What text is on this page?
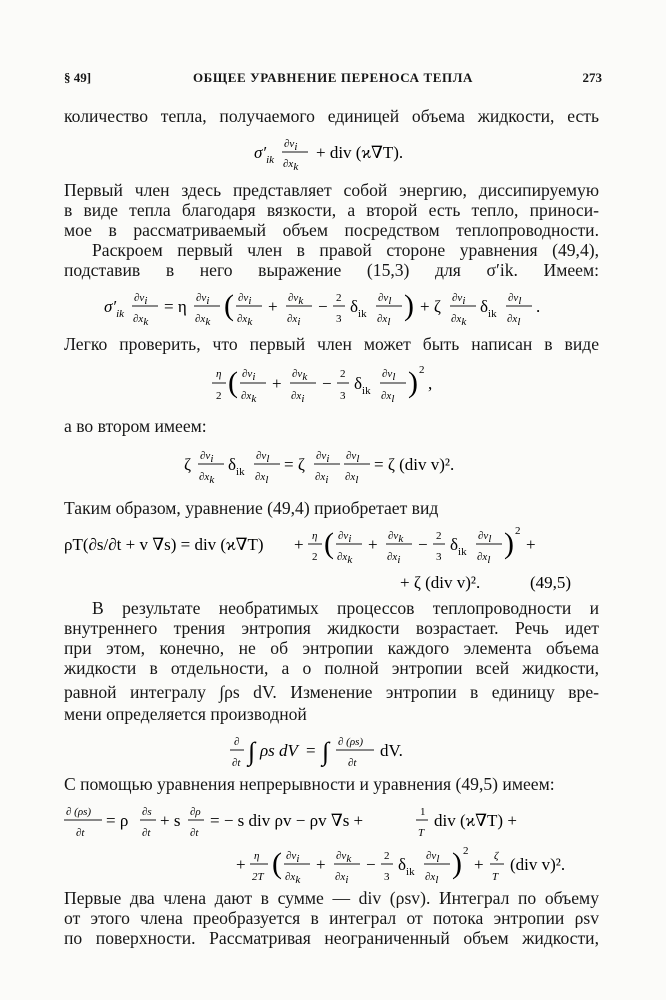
§ 49]	ОБЩЕЕ УРАВНЕНИЕ ПЕРЕНОСА ТЕПЛА	273
количество тепла, получаемого единицей объема жидкости, есть
$\sigma'_{ik}$
∂vi
∂xk
+ div (ϰ∇T).
Первый член здесь представляет собой энергию, диссипируемую
в виде тепла благодаря вязкости, а второй есть тепло, приноси-
мое в рассматриваемый объем посредством теплопроводности.
Раскроем первый член в правой стороне уравнения (49,4),
подставив в него выражение (15,3) для σ′ik. Имеем:
$\sigma'_{ik}$
∂vi
∂xk
= η ∂vi
∂xk ( ∂vi
∂xk
+ ∂vk
∂xi
− 2
3
$\delta_{ik}$
∂vl
∂xl ) + ζ ∂vi
∂xk
$\delta_{ik}$
∂vl
∂xl
.
Легко проверить, что первый член может быть написан в виде
η
2 ( ∂vi
∂xk
+ ∂vk
∂xi
− 2
3
$\delta_{ik}$
∂vl
∂xl ) 2
,
а во втором имеем:
ζ ∂vi
∂xk
$\delta_{ik}$
∂vl
∂xl
= ζ ∂vi
∂xi
∂vl
∂xl
= ζ (div v)².
Таким образом, уравнение (49,4) приобретает вид
ρT(∂s/∂t + v ∇s) = div (ϰ∇T) + η
2 ( ∂vi
∂xk
+ ∂vk
∂xi
− 2
3
$\delta_{ik}$
∂vl
∂xl ) 2
+
+ ζ (div v)².	(49,5)
В результате необратимых процессов теплопроводности и
внутреннего трения энтропия жидкости возрастает. Речь идет
при этом, конечно, не об энтропии каждого элемента объема
жидкости в отдельности, а о полной энтропии всей жидкости,
равной интегралу ∫ρs dV. Изменение энтропии в единицу вре-
мени определяется производной
∂
∂t ∫ ρs dV = ∫ ∂ (ρs)
∂t
dV.
С помощью уравнения непрерывности и уравнения (49,5) имеем:
∂ (ρs)
∂t
= ρ ∂s
∂t
+ s ∂ρ
∂t
= − s div ρv − ρv ∇s +	1
T
div (ϰ∇T) +
+ η
2T ( ∂vi
∂xk
+ ∂vk
∂xi
− 2
3
$\delta_{ik}$
∂vl
∂xl ) 2
+ ζ
T
(div v)².
Первые два члена дают в сумме — div (ρsv). Интеграл по объему
от этого члена преобразуется в интеграл от потока энтропии ρsv
по поверхности. Рассматривая неограниченный объем жидкости,
